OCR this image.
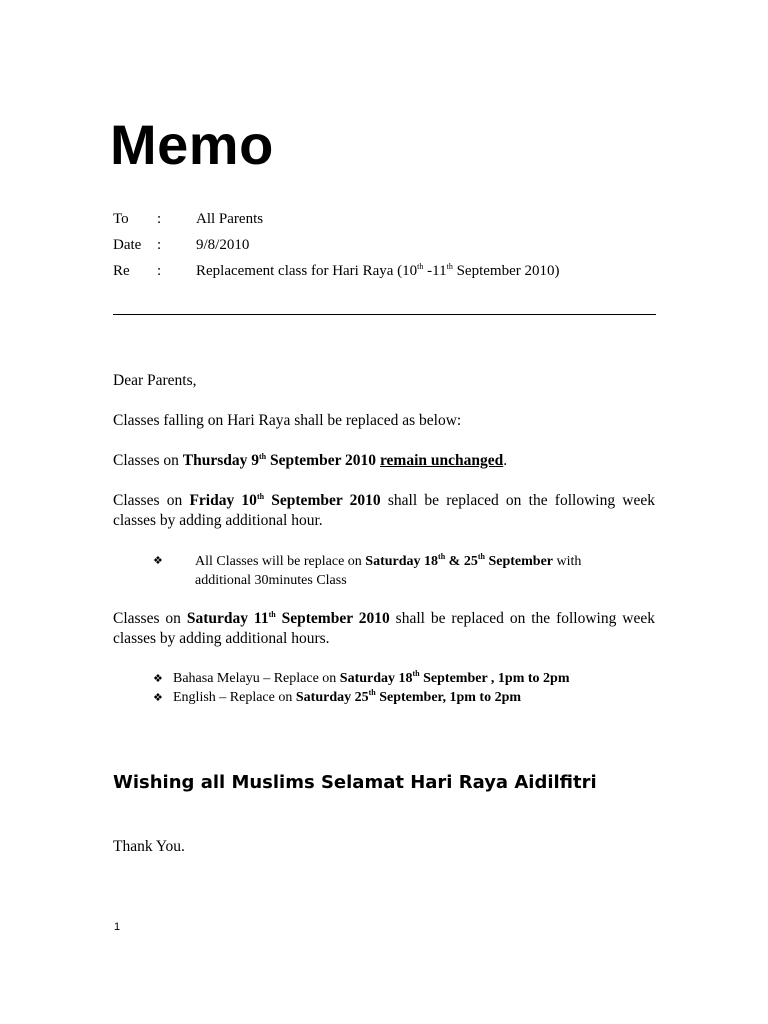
Memo
To : All Parents
Date : 9/8/2010
Re : Replacement class for Hari Raya (10th -11th September 2010)
Dear Parents,
Classes falling on Hari Raya shall be replaced as below:
Classes on Thursday 9th September 2010 remain unchanged.
Classes on Friday 10th September 2010 shall be replaced on the following week classes by adding additional hour.
❖ All Classes will be replace on Saturday 18th & 25th September with
additional 30minutes Class
Classes on Saturday 11th September 2010 shall be replaced on the following week classes by adding additional hours.
❖ Bahasa Melayu – Replace on Saturday 18th September , 1pm to 2pm
❖ English – Replace on Saturday 25th September, 1pm to 2pm
Wishing all Muslims Selamat Hari Raya Aidilfitri
Thank You.
1
